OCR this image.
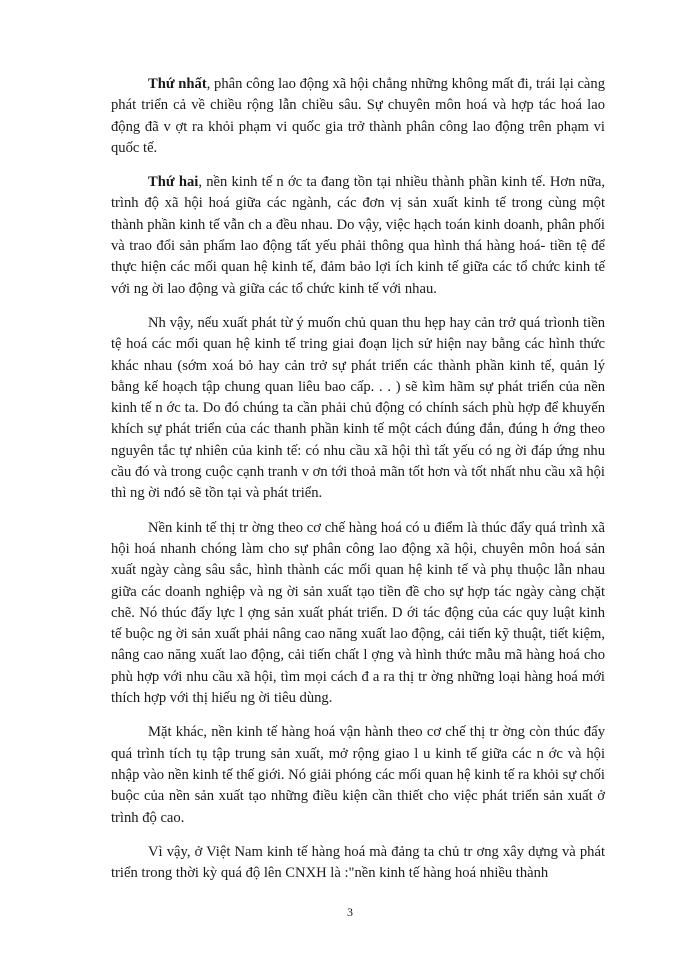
Thứ nhất, phân công lao động xã hội chẳng những không mất đi, trái lại càng phát triển cả về chiều rộng lẫn chiều sâu. Sự chuyên môn hoá và hợp tác hoá lao động đã v ợt ra khỏi phạm vi quốc gia trở thành phân công lao động trên phạm vi quốc tế.

Thứ hai, nền kinh tế n ớc ta đang tồn tại nhiều thành phần kinh tế. Hơn nữa, trình độ xã hội hoá giữa các ngành, các đơn vị sản xuất kinh tế trong cùng một thành phần kinh tế vẫn ch a đều nhau. Do vậy, việc hạch toán kinh doanh, phân phối và trao đổi sản phẩm lao động tất yếu phải thông qua hình thá hàng hoá- tiền tệ để thực hiện các mối quan hệ kinh tế, đảm bảo lợi ích kinh tế giữa các tổ chức kinh tế với ng ời lao động và giữa các tổ chức kinh tế với nhau.

Nh vậy, nếu xuất phát từ ý muốn chủ quan thu hẹp hay cản trở quá trìonh tiền tệ hoá các mối quan hệ kinh tế tring giai đoạn lịch sử hiện nay bằng các hình thức khác nhau (sớm xoá bỏ hay cản trở sự phát triển các thành phần kinh tế, quản lý bằng kế hoạch tập chung quan liêu bao cấp. . . ) sẽ kìm hãm sự phát triển của nền kinh tế n ớc ta. Do đó chúng ta cần phải chủ động có chính sách phù hợp để khuyến khích sự phát triển của các thanh phần kinh tế một cách đúng đắn, đúng h ớng theo nguyên tắc tự nhiên của kinh tế: có nhu cầu xã hội thì tất yếu có ng ời đáp ứng nhu cầu đó và trong cuộc cạnh tranh v ơn tới thoả mãn tốt hơn và tốt nhất nhu cầu xã hội thì ng ời nđó sẽ tồn tại và phát triển.

Nền kinh tế thị tr ờng theo cơ chế hàng hoá có u điểm là thúc đẩy quá trình xã hội hoá nhanh chóng làm cho sự phân công lao động xã hội, chuyên môn hoá sản xuất ngày càng sâu sắc, hình thành các mối quan hệ kinh tế và phụ thuộc lẫn nhau giữa các doanh nghiệp và ng ời sản xuất tạo tiền đề cho sự hợp tác ngày càng chặt chẽ. Nó thúc đẩy lực l ợng sản xuất phát triển. D ới tác động của các quy luật kinh tế buộc ng ời sản xuất phải nâng cao năng xuất lao động, cải tiến kỹ thuật, tiết kiệm, nâng cao năng xuất lao động, cải tiến chất l ợng và hình thức mẫu mã hàng hoá cho phù hợp với nhu cầu xã hội, tìm mọi cách đ a ra thị tr ờng những loại hàng hoá mới thích hợp với thị hiếu ng ời tiêu dùng.

Mặt khác, nền kinh tế hàng hoá vận hành theo cơ chế thị tr ờng còn thúc đẩy quá trình tích tụ tập trung sản xuất, mở rộng giao l u kinh tế giữa các n ớc và hội nhập vào nền kinh tế thế giới. Nó giải phóng các mối quan hệ kinh tế ra khỏi sự chối buộc của nền sản xuất tạo những điều kiện cần thiết cho việc phát triển sản xuất ở trình độ cao.

Vì vậy, ở Việt Nam kinh tế hàng hoá mà đảng ta chủ tr ơng xây dựng và phát triển trong thời kỳ quá độ lên CNXH là :"nền kinh tế hàng hoá nhiều thành

3
